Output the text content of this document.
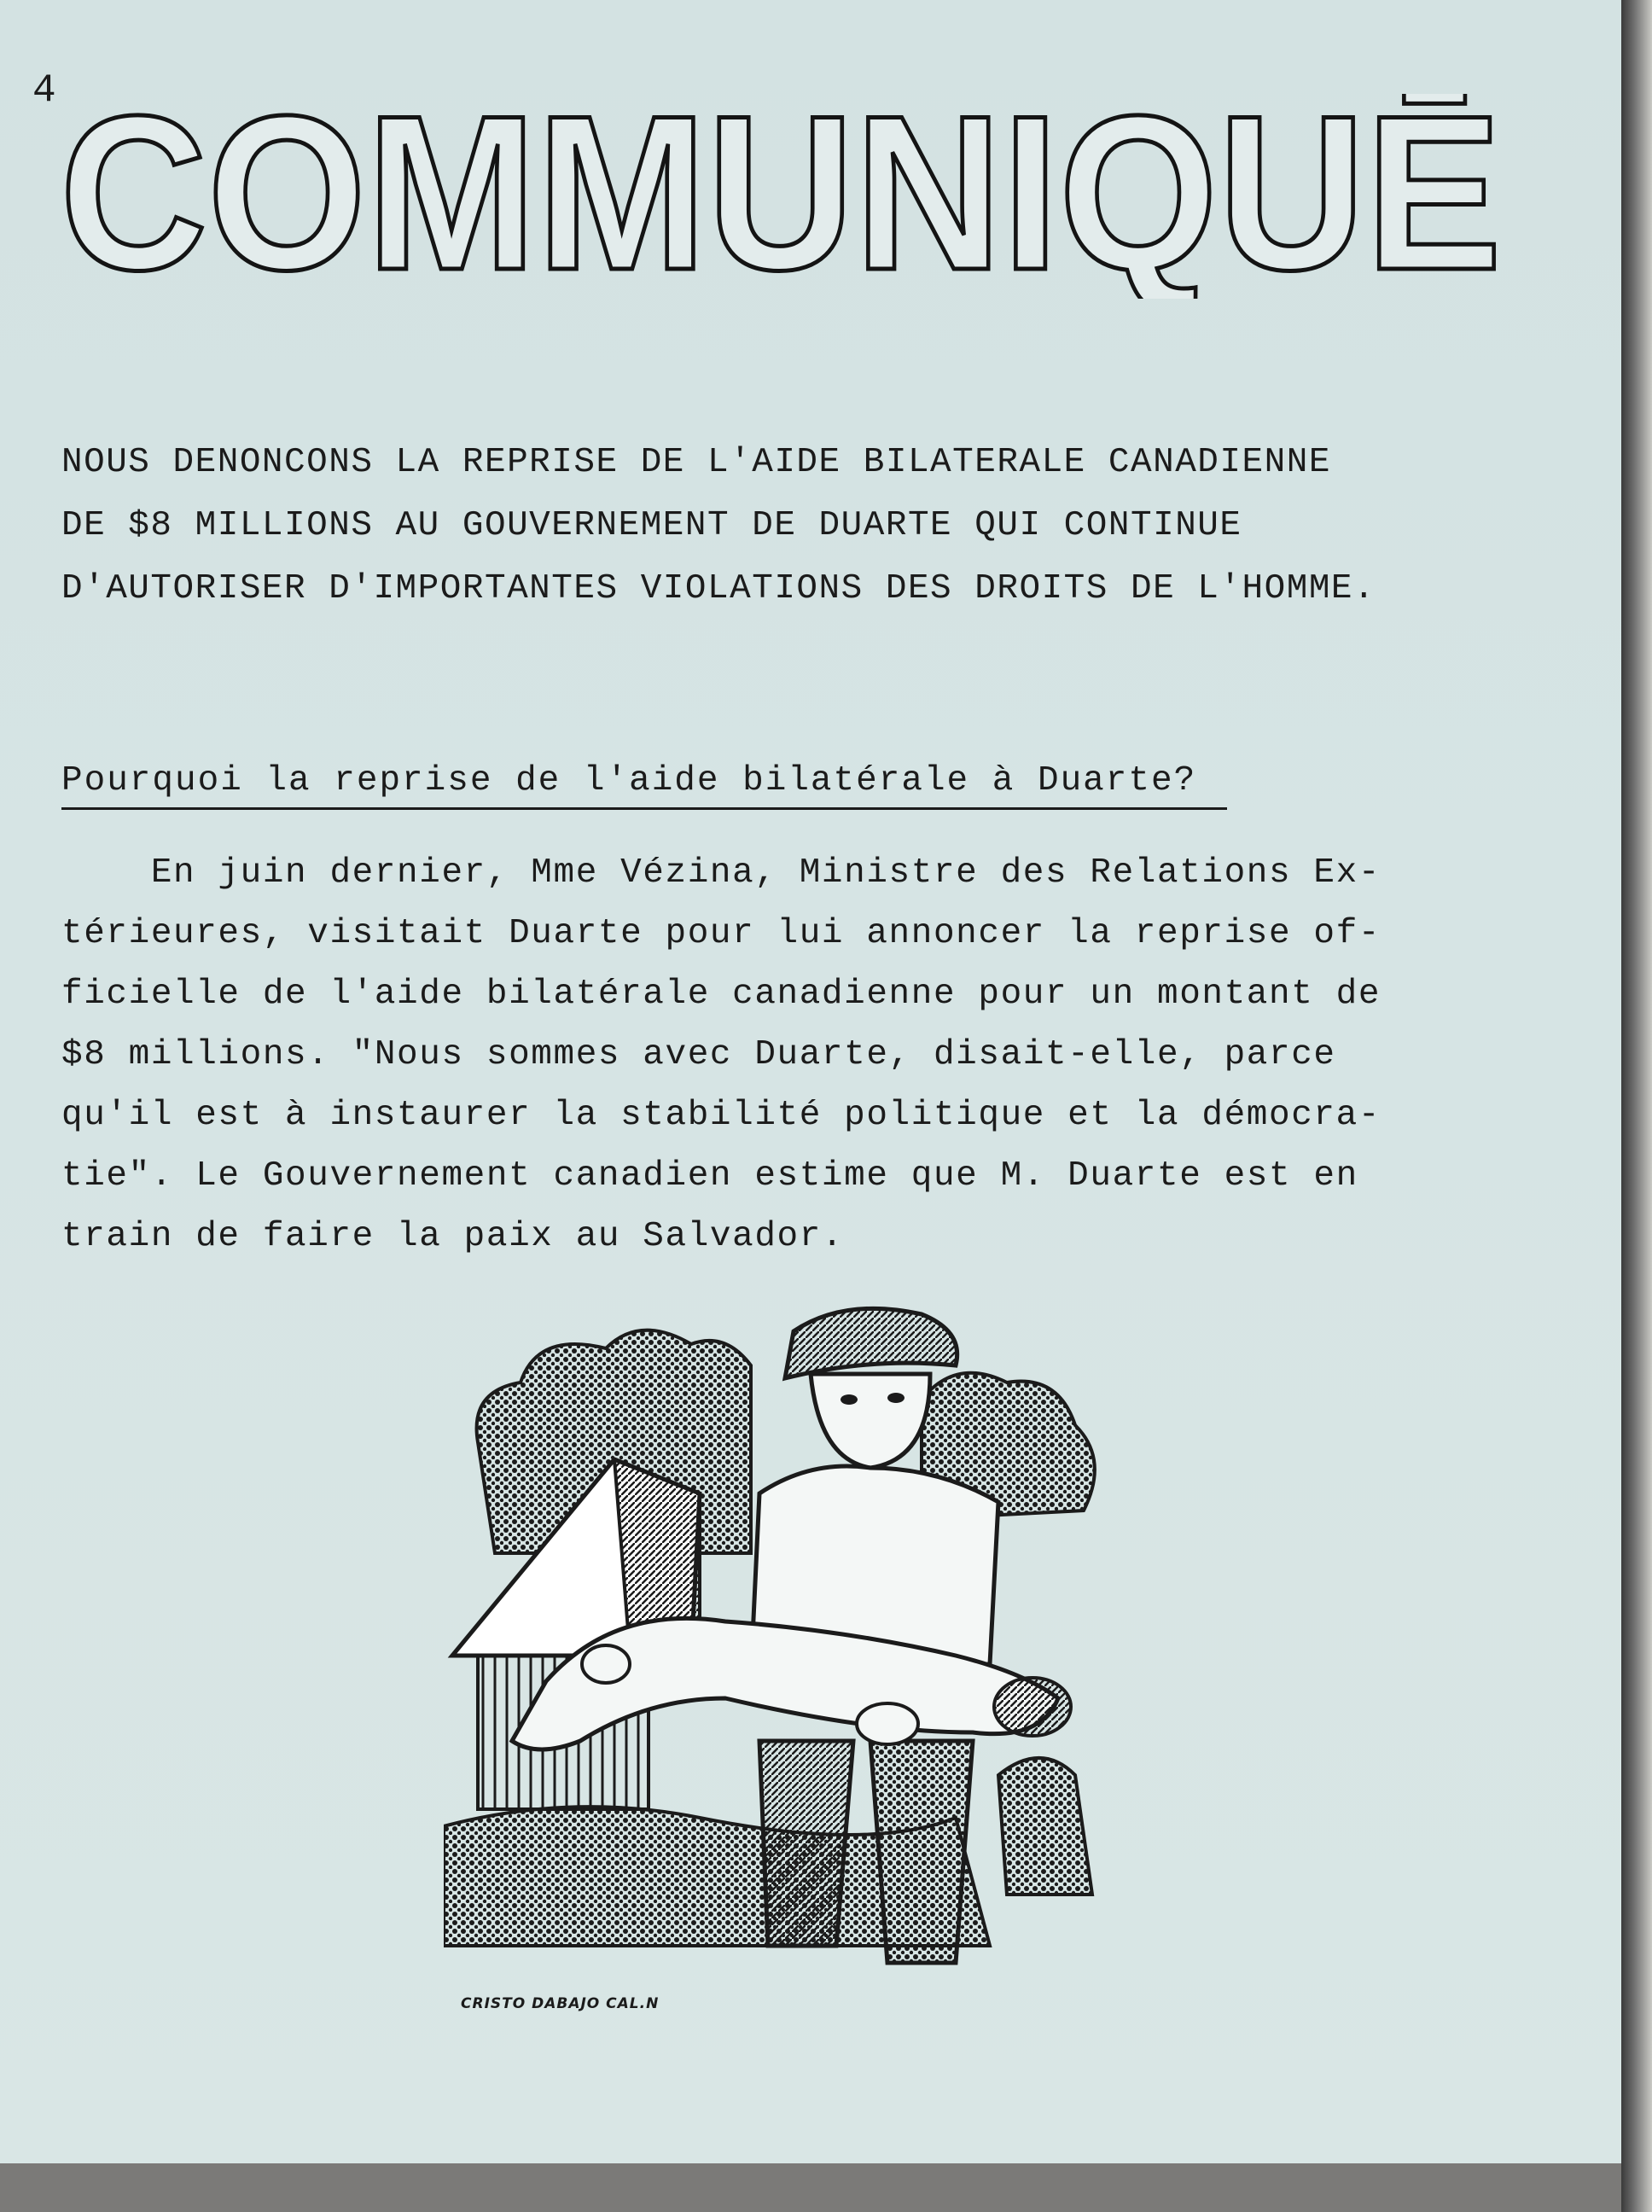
4 COMMUNIQUĒ
NOUS DENONCONS LA REPRISE DE L'AIDE BILATERALE CANADIENNE
DE $8 MILLIONS AU GOUVERNEMENT DE DUARTE QUI CONTINUE
D'AUTORISER D'IMPORTANTES VIOLATIONS DES DROITS DE L'HOMME.
Pourquoi la reprise de l'aide bilatérale à Duarte?
En juin dernier, Mme Vézina, Ministre des Relations Ex-
térieures, visitait Duarte pour lui annoncer la reprise of-
ficielle de l'aide bilatérale canadienne pour un montant de
$8 millions. "Nous sommes avec Duarte, disait-elle, parce
qu'il est à instaurer la stabilité politique et la démocra-
tie". Le Gouvernement canadien estime que M. Duarte est en
train de faire la paix au Salvador.
CRISTO DABAJO CAL.N
